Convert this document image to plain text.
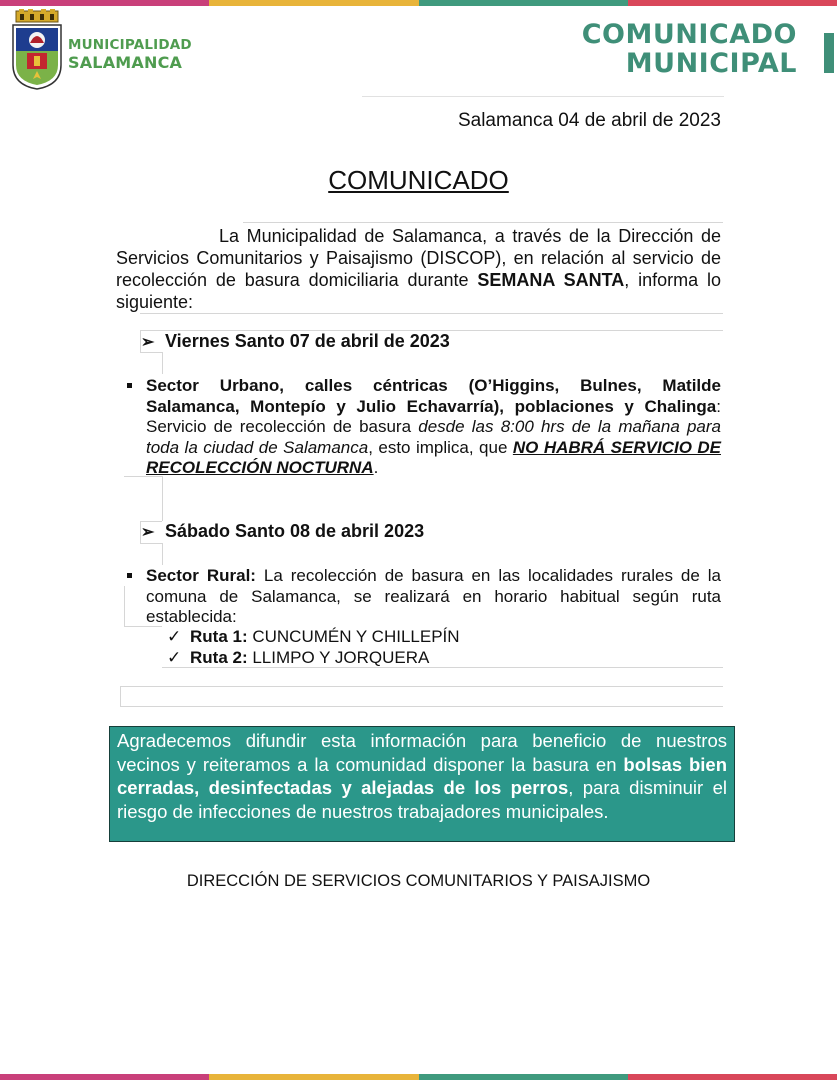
MUNICIPALIDAD
SALAMANCA
COMUNICADO
MUNICIPAL
Salamanca 04 de abril de 2023
COMUNICADO
La Municipalidad de Salamanca, a través de la Dirección de Servicios Comunitarios y Paisajismo (DISCOP), en relación al servicio de recolección de basura domiciliaria durante SEMANA SANTA, informa lo siguiente:
➢ Viernes Santo 07 de abril de 2023
Sector Urbano, calles céntricas (O’Higgins, Bulnes, Matilde Salamanca, Montepío y Julio Echavarría), poblaciones y Chalinga: Servicio de recolección de basura desde las 8:00 hrs de la mañana para toda la ciudad de Salamanca, esto implica, que NO HABRÁ SERVICIO DE RECOLECCIÓN NOCTURNA.
➢ Sábado Santo 08 de abril 2023
Sector Rural: La recolección de basura en las localidades rurales de la comuna de Salamanca, se realizará en horario habitual según ruta establecida:
✓ Ruta 1: CUNCUMÉN Y CHILLEPÍN
✓ Ruta 2: LLIMPO Y JORQUERA
Agradecemos difundir esta información para beneficio de nuestros vecinos y reiteramos a la comunidad disponer la basura en bolsas bien cerradas, desinfectadas y alejadas de los perros, para disminuir el riesgo de infecciones de nuestros trabajadores municipales.
DIRECCIÓN DE SERVICIOS COMUNITARIOS Y PAISAJISMO
